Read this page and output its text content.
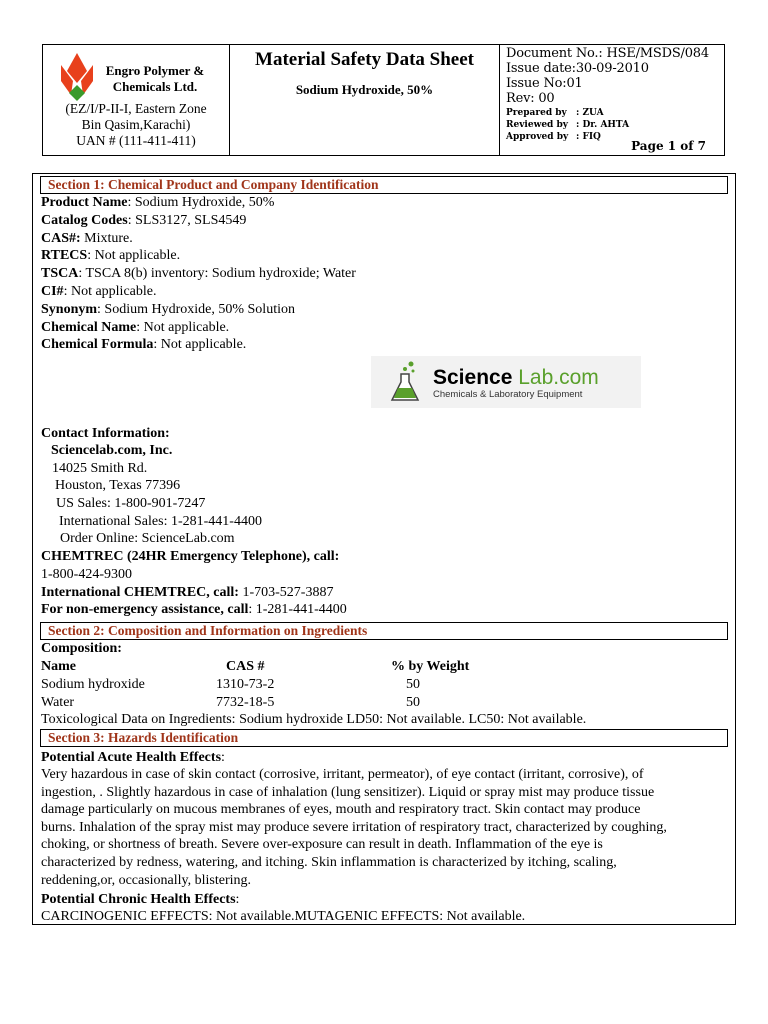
Engro Polymer &
Chemicals Ltd.
(EZ/I/P-II-I, Eastern Zone
Bin Qasim,Karachi)
UAN # (111-411-411)
Material Safety Data Sheet
Sodium Hydroxide, 50%
Document No.: HSE/MSDS/084
Issue date:30-09-2010
Issue No:01
Rev: 00
Prepared by : ZUA
Reviewed by : Dr. AHTA
Approved by : FIQ
Page 1 of 7
Section 1: Chemical Product and Company Identification
Product Name: Sodium Hydroxide, 50%
Catalog Codes: SLS3127, SLS4549
CAS#: Mixture.
RTECS: Not applicable.
TSCA: TSCA 8(b) inventory: Sodium hydroxide; Water
CI#: Not applicable.
Synonym: Sodium Hydroxide, 50% Solution
Chemical Name: Not applicable.
Chemical Formula: Not applicable.
Science Lab.com
Chemicals & Laboratory Equipment
Contact Information:
Sciencelab.com, Inc.
14025 Smith Rd.
Houston, Texas 77396
US Sales: 1-800-901-7247
International Sales: 1-281-441-4400
Order Online: ScienceLab.com
CHEMTREC (24HR Emergency Telephone), call:
1-800-424-9300
International CHEMTREC, call: 1-703-527-3887
For non-emergency assistance, call: 1-281-441-4400
Section 2: Composition and Information on Ingredients
Composition:
Name	CAS #	% by Weight
Sodium hydroxide	1310-73-2	50
Water	7732-18-5	50
Toxicological Data on Ingredients: Sodium hydroxide LD50: Not available. LC50: Not available.
Section 3: Hazards Identification
Potential Acute Health Effects:
Very hazardous in case of skin contact (corrosive, irritant, permeator), of eye contact (irritant, corrosive), of
ingestion, . Slightly hazardous in case of inhalation (lung sensitizer). Liquid or spray mist may produce tissue
damage particularly on mucous membranes of eyes, mouth and respiratory tract. Skin contact may produce
burns. Inhalation of the spray mist may produce severe irritation of respiratory tract, characterized by coughing,
choking, or shortness of breath. Severe over-exposure can result in death. Inflammation of the eye is
characterized by redness, watering, and itching. Skin inflammation is characterized by itching, scaling,
reddening,or, occasionally, blistering.
Potential Chronic Health Effects:
CARCINOGENIC EFFECTS: Not available.MUTAGENIC EFFECTS: Not available.
